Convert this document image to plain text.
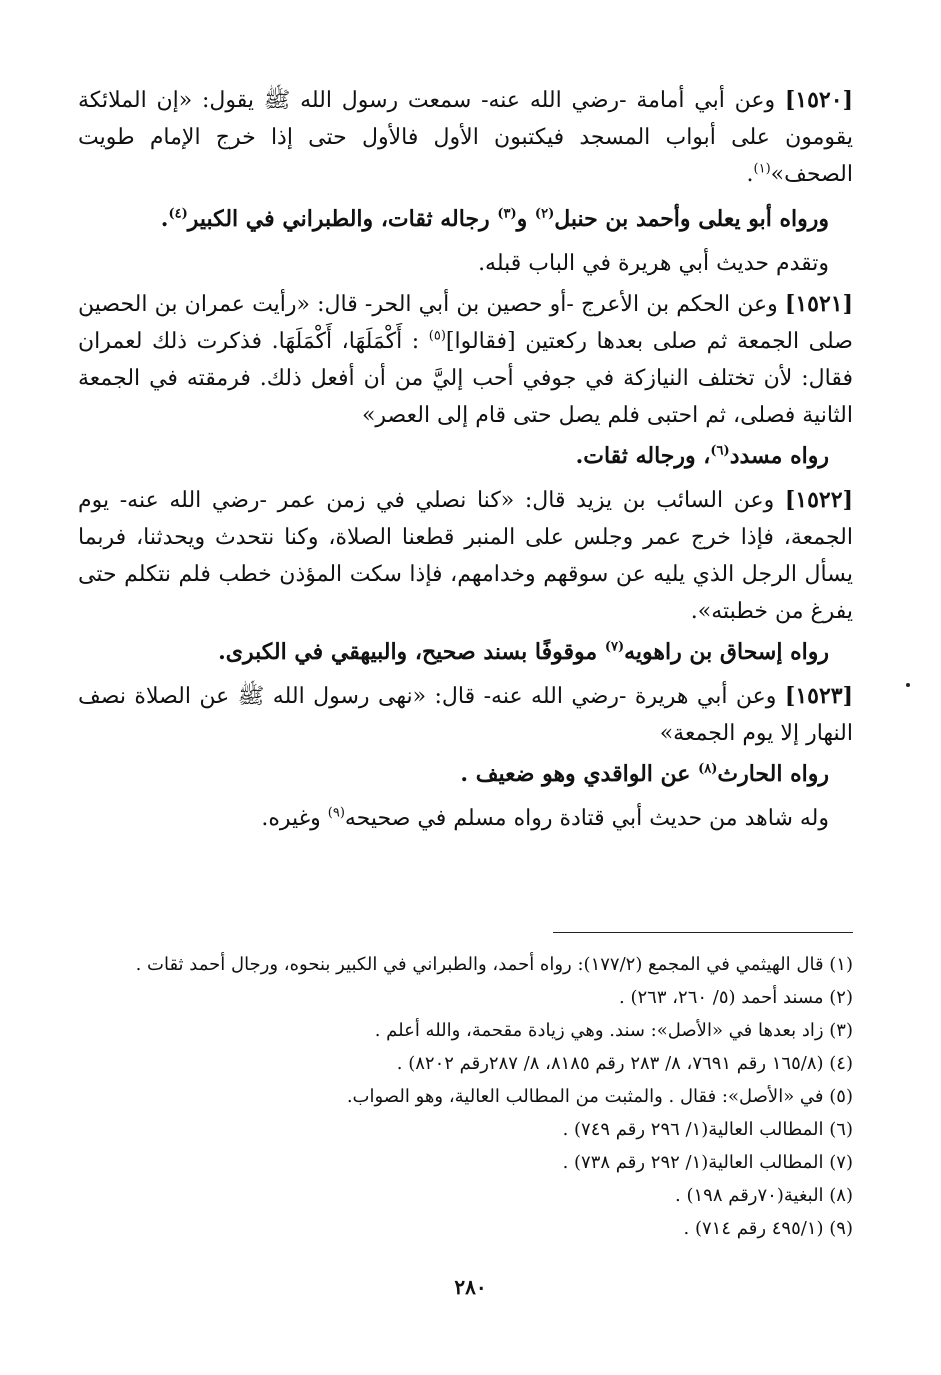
[١٥٢٠] وعن أبي أمامة -رضي الله عنه- سمعت رسول الله ﷺ يقول: «إن الملائكة يقومون على أبواب المسجد فيكتبون الأول فالأول حتى إذا خرج الإمام طويت الصحف»$^{(١)}$.

ورواه أبو يعلى وأحمد بن حنبل$^{(٢)}$ و$^{(٣)}$ رجاله ثقات، والطبراني في الكبير$^{(٤)}$.

وتقدم حديث أبي هريرة في الباب قبله.

[١٥٢١] وعن الحكم بن الأعرج -أو حصين بن أبي الحر- قال: «رأيت عمران بن الحصين صلى الجمعة ثم صلى بعدها ركعتين [فقالوا]$^{(٥)}$ : أَكْمَلَهَا، أَكْمَلَهَا. فذكرت ذلك لعمران فقال: لأن تختلف النيازكة في جوفي أحب إليَّ من أن أفعل ذلك. فرمقته في الجمعة الثانية فصلى، ثم احتبى فلم يصل حتى قام إلى العصر»

رواه مسدد$^{(٦)}$، ورجاله ثقات.

[١٥٢٢] وعن السائب بن يزيد قال: «كنا نصلي في زمن عمر -رضي الله عنه- يوم الجمعة، فإذا خرج عمر وجلس على المنبر قطعنا الصلاة، وكنا نتحدث ويحدثنا، فربما يسأل الرجل الذي يليه عن سوقهم وخدامهم، فإذا سكت المؤذن خطب فلم نتكلم حتى يفرغ من خطبته».

رواه إسحاق بن راهويه$^{(٧)}$ موقوفًا بسند صحيح، والبيهقي في الكبرى.

[١٥٢٣] وعن أبي هريرة -رضي الله عنه- قال: «نهى رسول الله ﷺ عن الصلاة نصف النهار إلا يوم الجمعة»

رواه الحارث$^{(٨)}$ عن الواقدي وهو ضعيف .

وله شاهد من حديث أبي قتادة رواه مسلم في صحيحه$^{(٩)}$ وغيره.

(١) قال الهيثمي في المجمع (١٧٧/٢): رواه أحمد، والطبراني في الكبير بنحوه، ورجال أحمد ثقات .

(٢) مسند أحمد (٥/ ٢٦٠، ٢٦٣) .

(٣) زاد بعدها في «الأصل»: سند. وهي زيادة مقحمة، والله أعلم .

(٤) (١٦٥/٨ رقم ٧٦٩١، ٨/ ٢٨٣ رقم ٨١٨٥، ٨/ ٢٨٧رقم ٨٢٠٢) .

(٥) في «الأصل»: فقال . والمثبت من المطالب العالية، وهو الصواب.

(٦) المطالب العالية(١/ ٢٩٦ رقم ٧٤٩) .

(٧) المطالب العالية(١/ ٢٩٢ رقم ٧٣٨) .

(٨) البغية(٧٠رقم ١٩٨) .

(٩) (٤٩٥/١ رقم ٧١٤) .

٢٨٠
